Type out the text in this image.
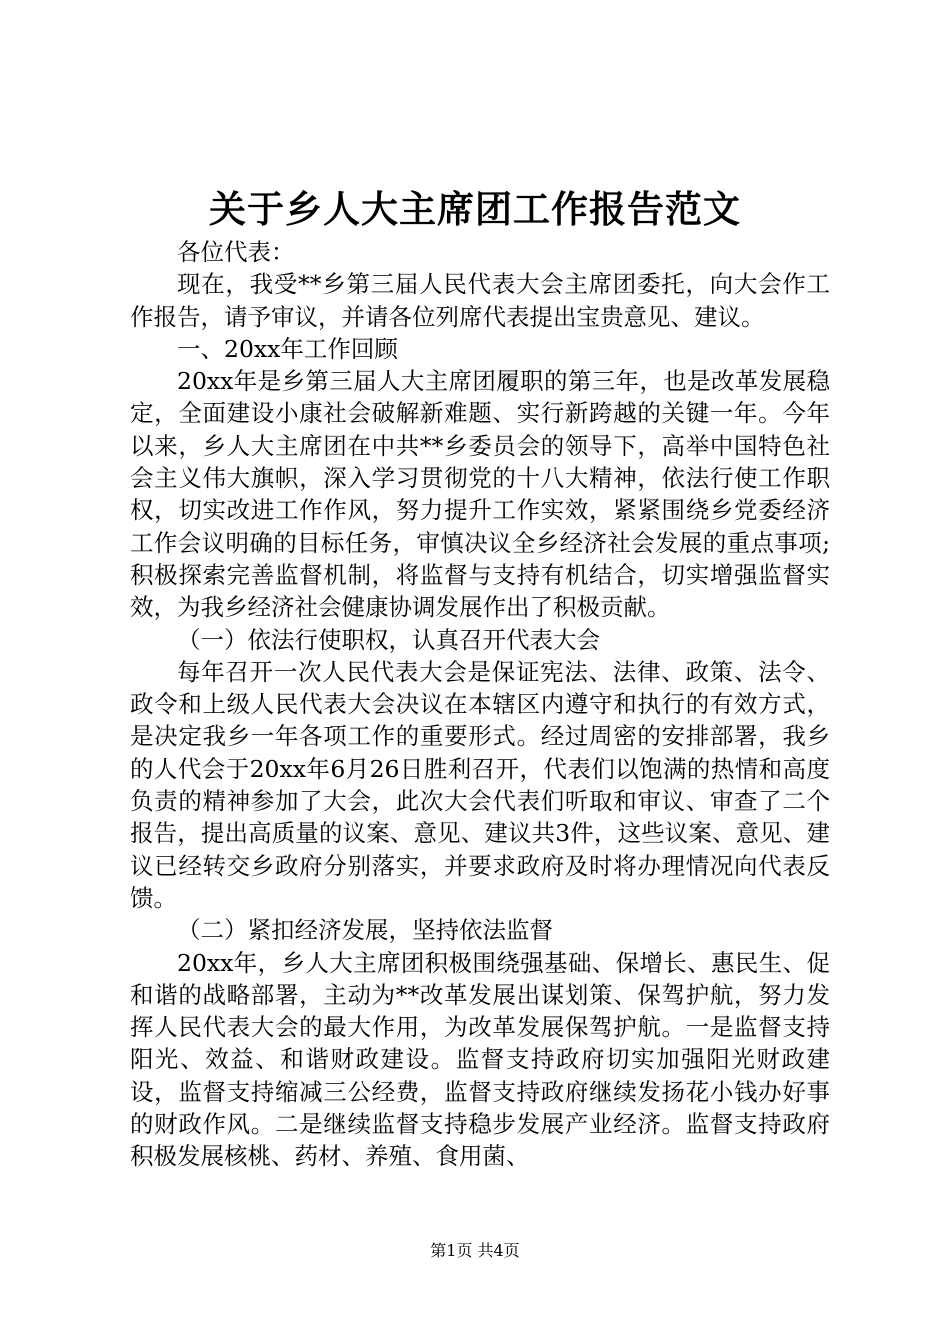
关于乡人大主席团工作报告范文

各位代表：

现在，我受**乡第三届人民代表大会主席团委托，向大会作工作报告，请予审议，并请各位列席代表提出宝贵意见、建议。

一、20xx年工作回顾

20xx年是乡第三届人大主席团履职的第三年，也是改革发展稳定，全面建设小康社会破解新难题、实行新跨越的关键一年。今年以来，乡人大主席团在中共**乡委员会的领导下，高举中国特色社会主义伟大旗帜，深入学习贯彻党的十八大精神，依法行使工作职权，切实改进工作作风，努力提升工作实效，紧紧围绕乡党委经济工作会议明确的目标任务，审慎决议全乡经济社会发展的重点事项;积极探索完善监督机制，将监督与支持有机结合，切实增强监督实效，为我乡经济社会健康协调发展作出了积极贡献。

（一）依法行使职权，认真召开代表大会

每年召开一次人民代表大会是保证宪法、法律、政策、法令、政令和上级人民代表大会决议在本辖区内遵守和执行的有效方式，是决定我乡一年各项工作的重要形式。经过周密的安排部署，我乡的人代会于20xx年6月26日胜利召开，代表们以饱满的热情和高度负责的精神参加了大会，此次大会代表们听取和审议、审查了二个报告，提出高质量的议案、意见、建议共3件，这些议案、意见、建议已经转交乡政府分别落实，并要求政府及时将办理情况向代表反馈。

（二）紧扣经济发展，坚持依法监督

20xx年，乡人大主席团积极围绕强基础、保增长、惠民生、促和谐的战略部署，主动为**改革发展出谋划策、保驾护航，努力发挥人民代表大会的最大作用，为改革发展保驾护航。一是监督支持阳光、效益、和谐财政建设。监督支持政府切实加强阳光财政建设，监督支持缩减三公经费，监督支持政府继续发扬花小钱办好事的财政作风。二是继续监督支持稳步发展产业经济。监督支持政府积极发展核桃、药材、养殖、食用菌、

第1页 共4页
